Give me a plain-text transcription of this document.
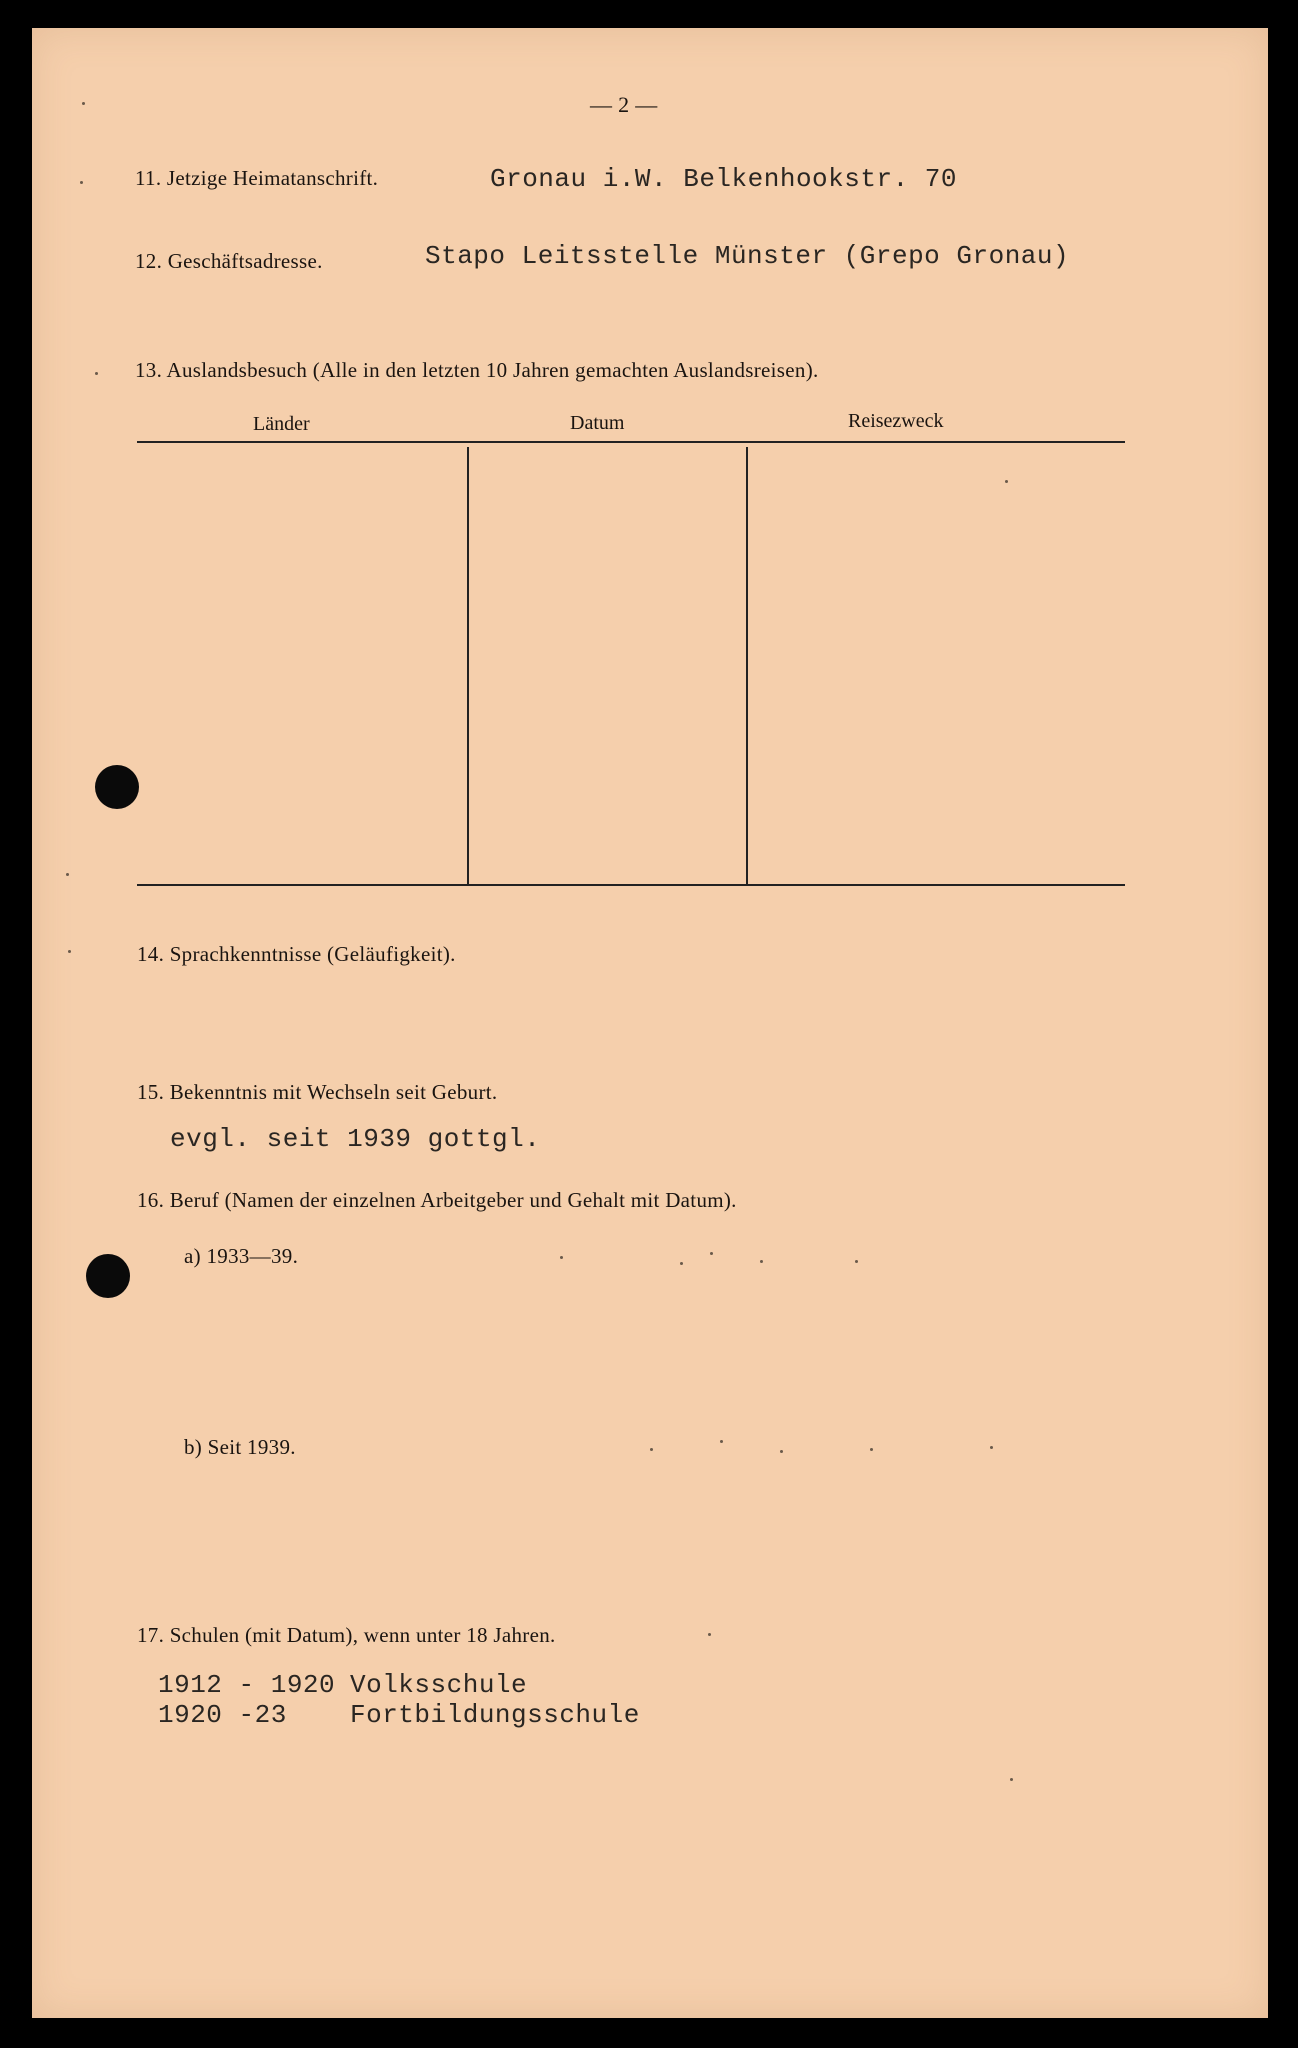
— 2 —
11. Jetzige Heimatanschrift.	Gronau i.W. Belkenhookstr. 70
12. Geschäftsadresse.	Stapo Leitsstelle Münster (Grepo Gronau)
13. Auslandsbesuch (Alle in den letzten 10 Jahren gemachten Auslandsreisen).
Länder	Datum	Reisezweck
14. Sprachkenntnisse (Geläufigkeit).
15. Bekenntnis mit Wechseln seit Geburt.
evgl. seit 1939 gottgl.
16. Beruf (Namen der einzelnen Arbeitgeber und Gehalt mit Datum).
a) 1933—39.
b) Seit 1939.
17. Schulen (mit Datum), wenn unter 18 Jahren.
1912 - 1920 Volksschule
1920 -23 Fortbildungsschule
